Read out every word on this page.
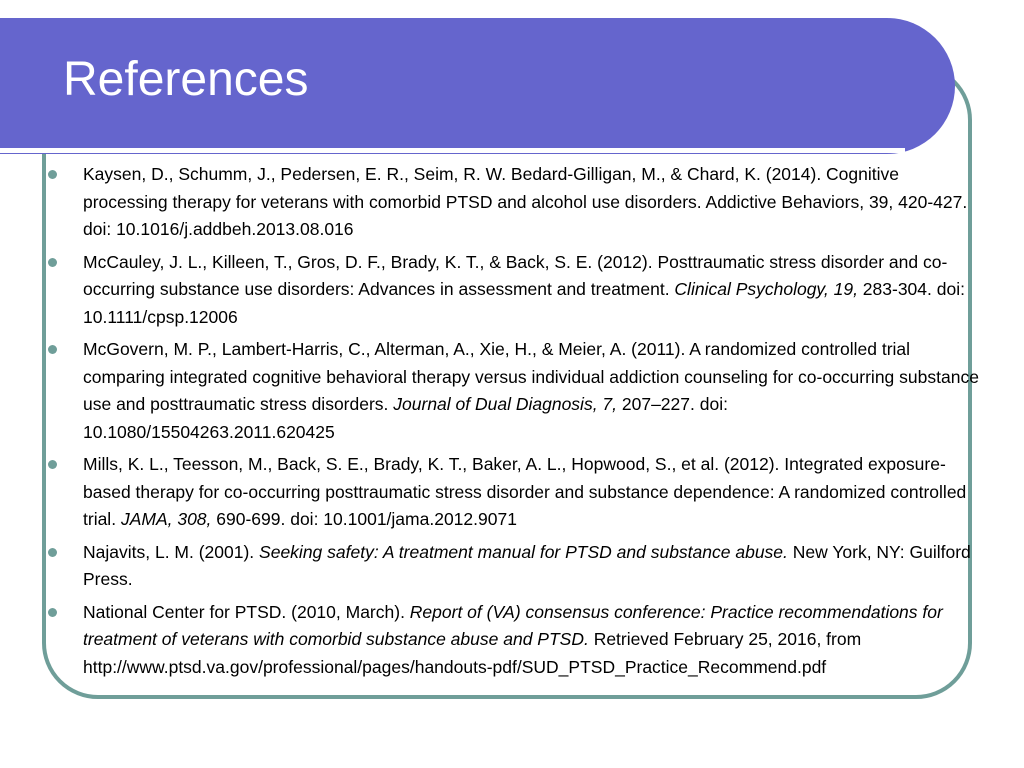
References
Kaysen, D., Schumm, J., Pedersen, E. R., Seim, R. W. Bedard-Gilligan, M., & Chard, K. (2014). Cognitive processing therapy for veterans with comorbid PTSD and alcohol use disorders. Addictive Behaviors, 39, 420-427. doi: 10.1016/j.addbeh.2013.08.016
McCauley, J. L., Killeen, T., Gros, D. F., Brady, K. T., & Back, S. E. (2012). Posttraumatic stress disorder and co-occurring substance use disorders: Advances in assessment and treatment. Clinical Psychology, 19, 283-304. doi: 10.1111/cpsp.12006
McGovern, M. P., Lambert-Harris, C., Alterman, A., Xie, H., & Meier, A. (2011). A randomized controlled trial comparing integrated cognitive behavioral therapy versus individual addiction counseling for co-occurring substance use and posttraumatic stress disorders. Journal of Dual Diagnosis, 7, 207–227. doi: 10.1080/15504263.2011.620425
Mills, K. L., Teesson, M., Back, S. E., Brady, K. T., Baker, A. L., Hopwood, S., et al. (2012). Integrated exposure-based therapy for co-occurring posttraumatic stress disorder and substance dependence: A randomized controlled trial. JAMA, 308, 690-699. doi: 10.1001/jama.2012.9071
Najavits, L. M. (2001). Seeking safety: A treatment manual for PTSD and substance abuse. New York, NY: Guilford Press.
National Center for PTSD. (2010, March). Report of (VA) consensus conference: Practice recommendations for treatment of veterans with comorbid substance abuse and PTSD. Retrieved February 25, 2016, from http://www.ptsd.va.gov/professional/pages/handouts-pdf/SUD_PTSD_Practice_Recommend.pdf
